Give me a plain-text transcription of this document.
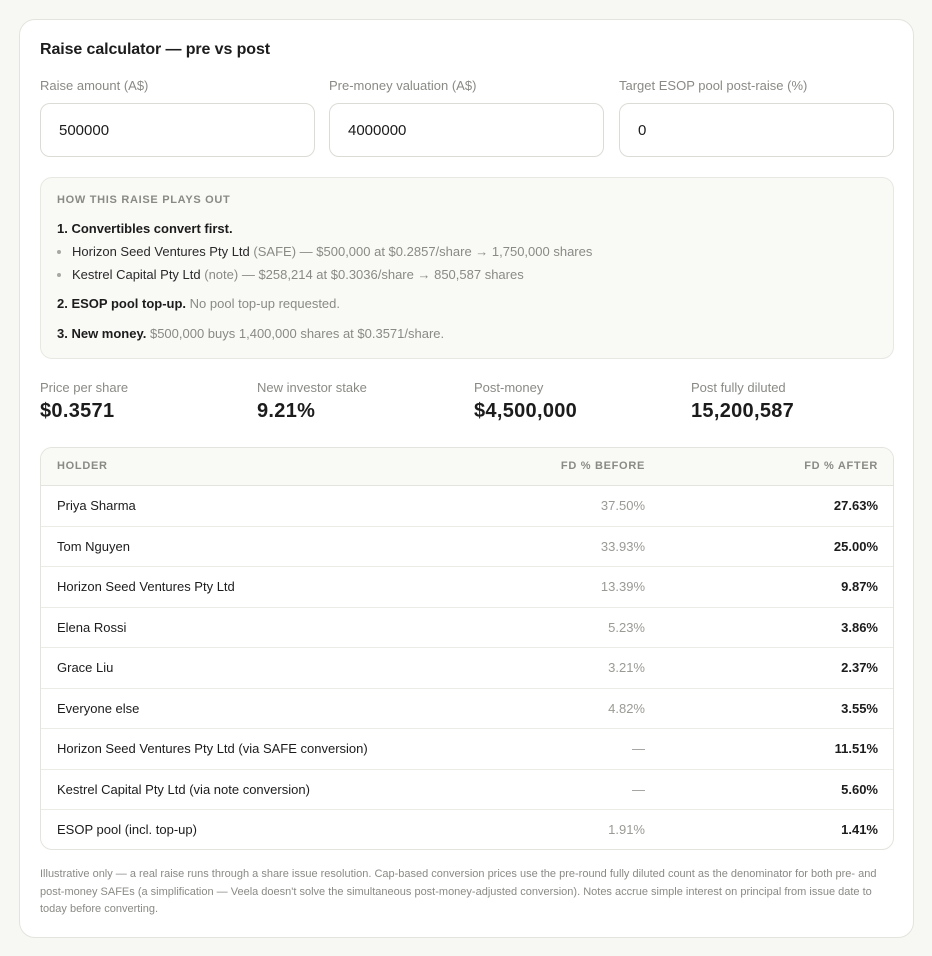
Raise calculator — pre vs post
Raise amount (A$)
500000	Pre-money valuation (A$)
4000000	Target ESOP pool post-raise (%)
0
HOW THIS RAISE PLAYS OUT
1. Convertibles convert first.
Horizon Seed Ventures Pty Ltd (SAFE) — $500,000 at $0.2857/share → 1,750,000 shares
Kestrel Capital Pty Ltd (note) — $258,214 at $0.3036/share → 850,587 shares
2. ESOP pool top-up. No pool top-up requested.
3. New money. $500,000 buys 1,400,000 shares at $0.3571/share.
Price per share
$0.3571
New investor stake
9.21%
Post-money
$4,500,000
Post fully diluted
15,200,587
HOLDER	FD % BEFORE	FD % AFTER
Priya Sharma	37.50%	27.63%
Tom Nguyen	33.93%	25.00%
Horizon Seed Ventures Pty Ltd	13.39%	9.87%
Elena Rossi	5.23%	3.86%
Grace Liu	3.21%	2.37%
Everyone else	4.82%	3.55%
Horizon Seed Ventures Pty Ltd (via SAFE conversion)	—	11.51%
Kestrel Capital Pty Ltd (via note conversion)	—	5.60%
ESOP pool (incl. top-up)	1.91%	1.41%
Illustrative only — a real raise runs through a share issue resolution. Cap-based conversion prices use the pre-round fully diluted count as the denominator for both pre- and post-money SAFEs (a simplification — Veela doesn't solve the simultaneous post-money-adjusted conversion). Notes accrue simple interest on principal from issue date to today before converting.
